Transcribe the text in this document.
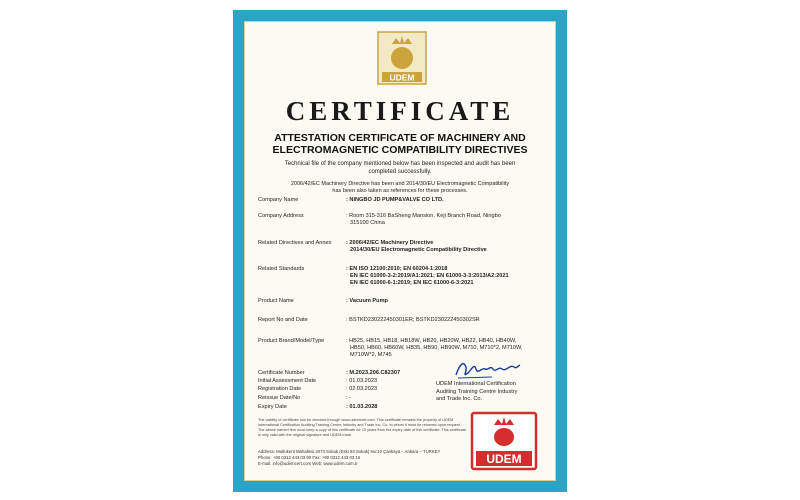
UDEM
CERTIFICATE
ATTESTATION CERTIFICATE OF MACHINERY AND
ELECTROMAGNETIC COMPATIBILITY DIRECTIVES
Technical file of the company mentioned below has been inspected and audit has been
completed successfully.
2006/42/EC Machinery Directive has been and 2014/30/EU Electromagnetic Compatibility
has been also taken as references for these processes.
Company Name	: NINGBO JD PUMP&VALVE CO LTD.
Company Address	: Room 315-316 BaSheng Mansion, Keji Branch Road, Ningbo
315100 China
Related Directives and Annex	: 2006/42/EC Machinery Directive
2014/30/EU Electromagnetic Compatibility Directive
Related Standards	: EN ISO 12100:2010; EN 60204-1:2018
EN IEC 61000-3-2:2019/A1:2021; EN 61000-3-3:2013/A2:2021
EN IEC 61000-6-1:2019; EN IEC 61000-6-3:2021
Product Name	: Vacuum Pump
Report No and Date	: BSTKD230222450301ER; BSTKD230222450302SR
Product Brand/Model/Type	: HB25, HB15, HB18, HB18W, HB20, HB20W, HB22, HB40, HB40W,
HB50, HB60, HB60W, HB35, HB90, HB90W, M710, M710*2, M710W,
M710W*2, M745
Certificate Number	: M.2023.206.C82307
Initial Assessment Date	: 01.03.2023
Registration Date	: 02.03.2023
Reissue Date/No	: -
Expiry Date	: 01.03.2028
UDEM International Certification
Auditing Training Centre Industry
and Trade Inc. Co.
The validity of certificate can be checked through www.udemcert.com. This certificate remains the property of UDEM International Certification Auditing Training Centre Industry and Trade Inc. Co. to whom it must be returned upon request. The above named firm must keep a copy of this certificate for 15 years from the expiry date of this certificate. This certificate is only valid with the original signature and UDEM mark.
Address: Mutlukent Mahallesi 2073 Sokak (Eski 93 Sokak) No:10 Çankaya – Ankara – TURKEY
Phone: +90 0312 443 03 90 Fax: +90 0312 443 03 16
E-mail: info@udemcert.com Web: www.udem.com.tr	UDEM
